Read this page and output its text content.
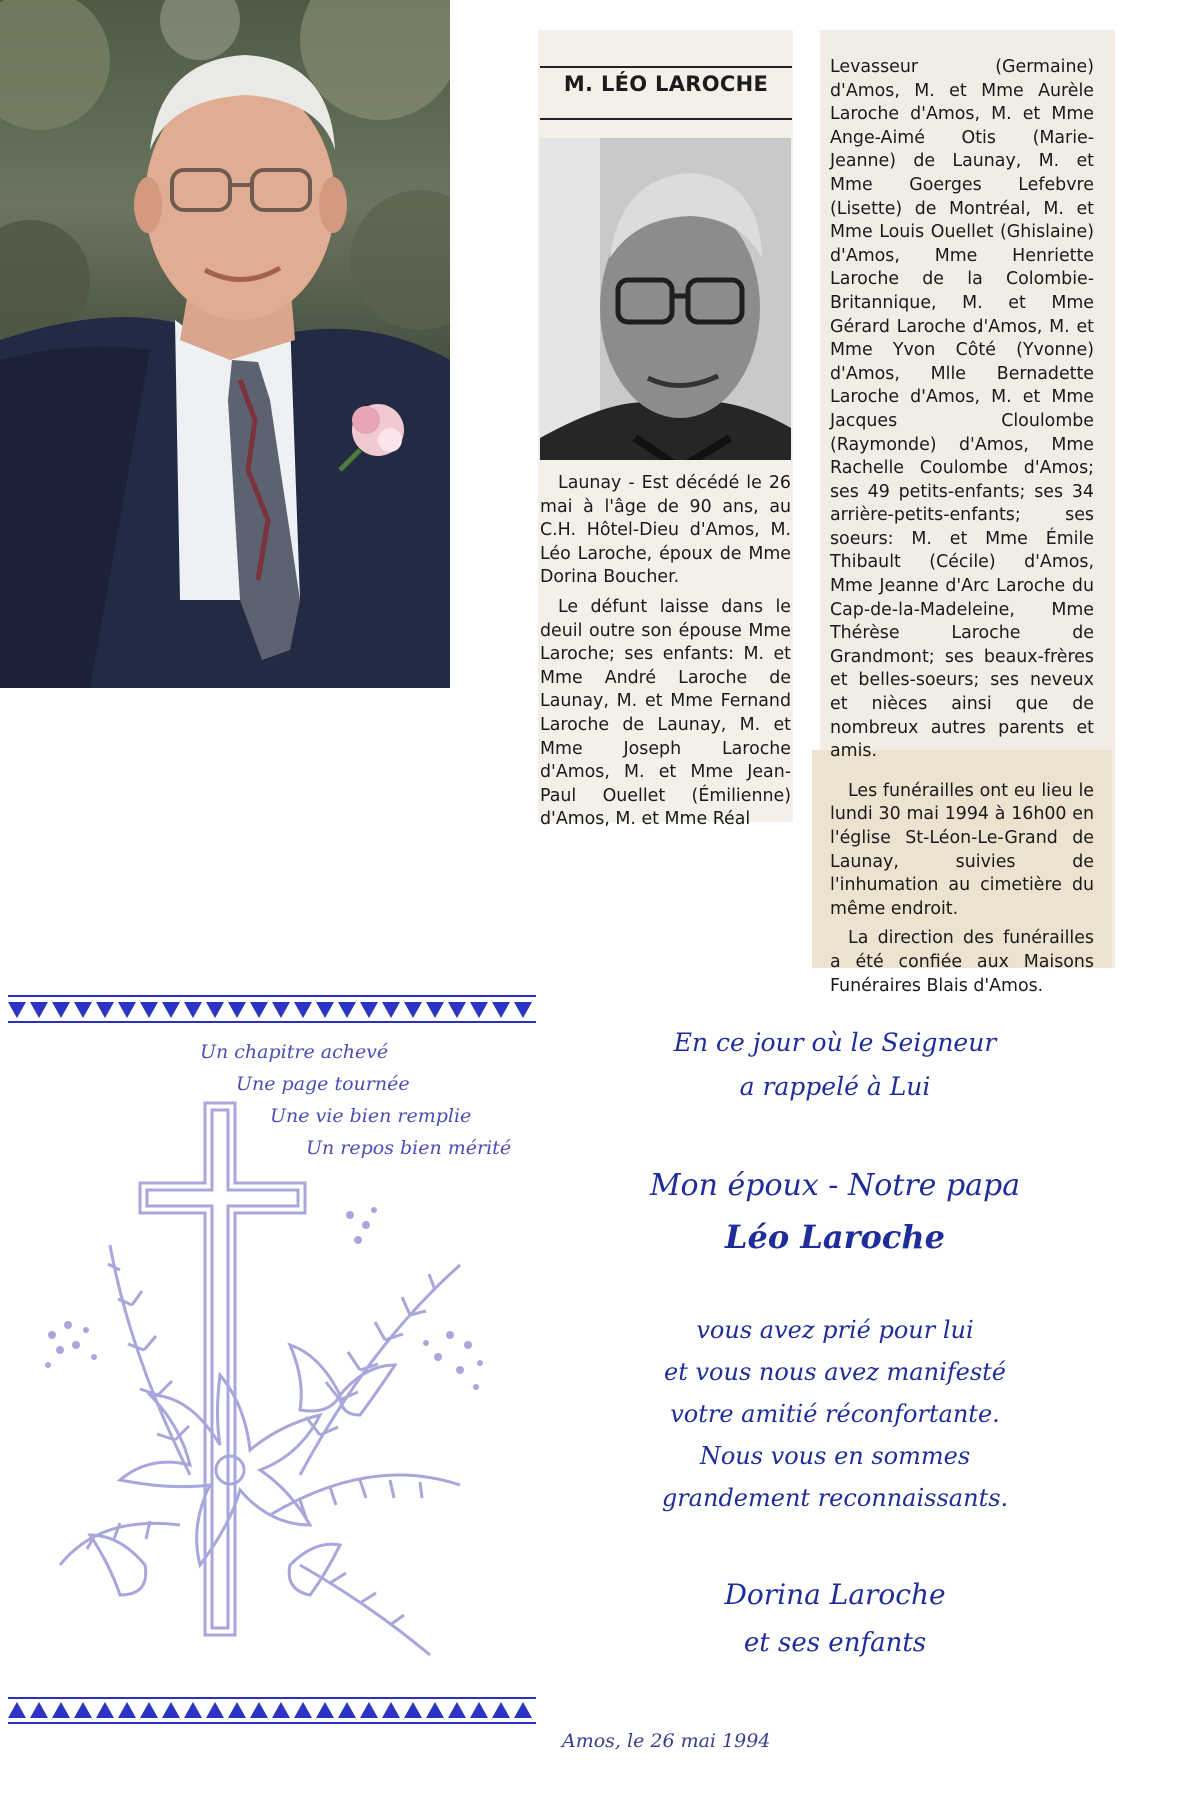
M. LÉO LAROCHE

Launay - Est décédé le 26 mai à l'âge de 90 ans, au C.H. Hôtel-Dieu d'Amos, M. Léo Laroche, époux de Mme Dorina Boucher.

Le défunt laisse dans le deuil outre son épouse Mme Laroche; ses enfants: M. et Mme André Laroche de Launay, M. et Mme Fernand Laroche de Launay, M. et Mme Joseph Laroche d'Amos, M. et Mme Jean-Paul Ouellet (Émilienne) d'Amos, M. et Mme Réal

Levasseur (Germaine) d'Amos, M. et Mme Aurèle Laroche d'Amos, M. et Mme Ange-Aimé Otis (Marie-Jeanne) de Launay, M. et Mme Goerges Lefebvre (Lisette) de Montréal, M. et Mme Louis Ouellet (Ghislaine) d'Amos, Mme Henriette Laroche de la Colombie-Britannique, M. et Mme Gérard Laroche d'Amos, M. et Mme Yvon Côté (Yvonne) d'Amos, Mlle Bernadette Laroche d'Amos, M. et Mme Jacques Cloulombe (Raymonde) d'Amos, Mme Rachelle Coulombe d'Amos; ses 49 petits-enfants; ses 34 arrière-petits-enfants; ses soeurs: M. et Mme Émile Thibault (Cécile) d'Amos, Mme Jeanne d'Arc Laroche du Cap-de-la-Madeleine, Mme Thérèse Laroche de Grandmont; ses beaux-frères et belles-soeurs; ses neveux et nièces ainsi que de nombreux autres parents et amis.

Les funérailles ont eu lieu le lundi 30 mai 1994 à 16h00 en l'église St-Léon-Le-Grand de Launay, suivies de l'inhumation au cimetière du même endroit.

La direction des funérailles a été confiée aux Maisons Funéraires Blais d'Amos.

Un chapitre achevé
Une page tournée
Une vie bien remplie
Un repos bien mérité
En ce jour où le Seigneur
a rappelé à Lui
Mon époux - Notre papa
Léo Laroche
vous avez prié pour lui
et vous nous avez manifesté
votre amitié réconfortante.
Nous vous en sommes
grandement reconnaissants.
Dorina Laroche
et ses enfants
Amos, le 26 mai 1994
